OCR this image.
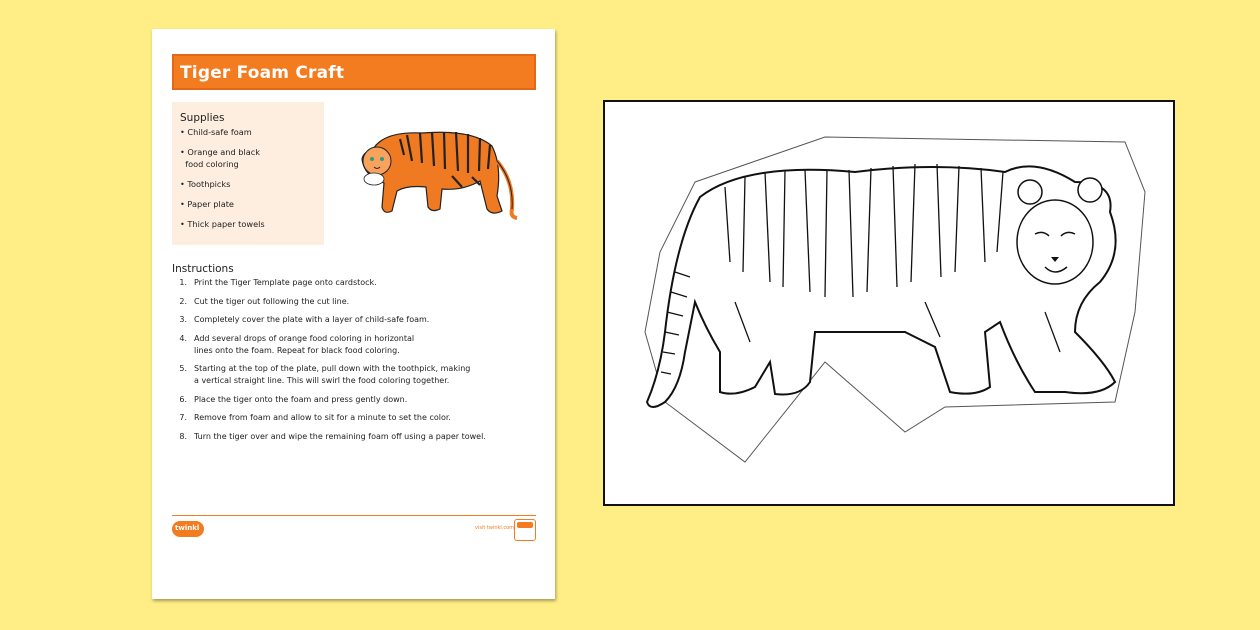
Tiger Foam Craft
Supplies
• Child-safe foam
• Orange and black
food coloring
• Toothpicks
• Paper plate
• Thick paper towels
Instructions
1. Print the Tiger Template page onto cardstock.
2. Cut the tiger out following the cut line.
3. Completely cover the plate with a layer of child-safe foam.
4. Add several drops of orange food coloring in horizontal
lines onto the foam. Repeat for black food coloring.
5. Starting at the top of the plate, pull down with the toothpick, making
a vertical straight line. This will swirl the food coloring together.
6. Place the tiger onto the foam and press gently down.
7. Remove from foam and allow to sit for a minute to set the color.
8. Turn the tiger over and wipe the remaining foam off using a paper towel.
twinkl	visit twinkl.com
